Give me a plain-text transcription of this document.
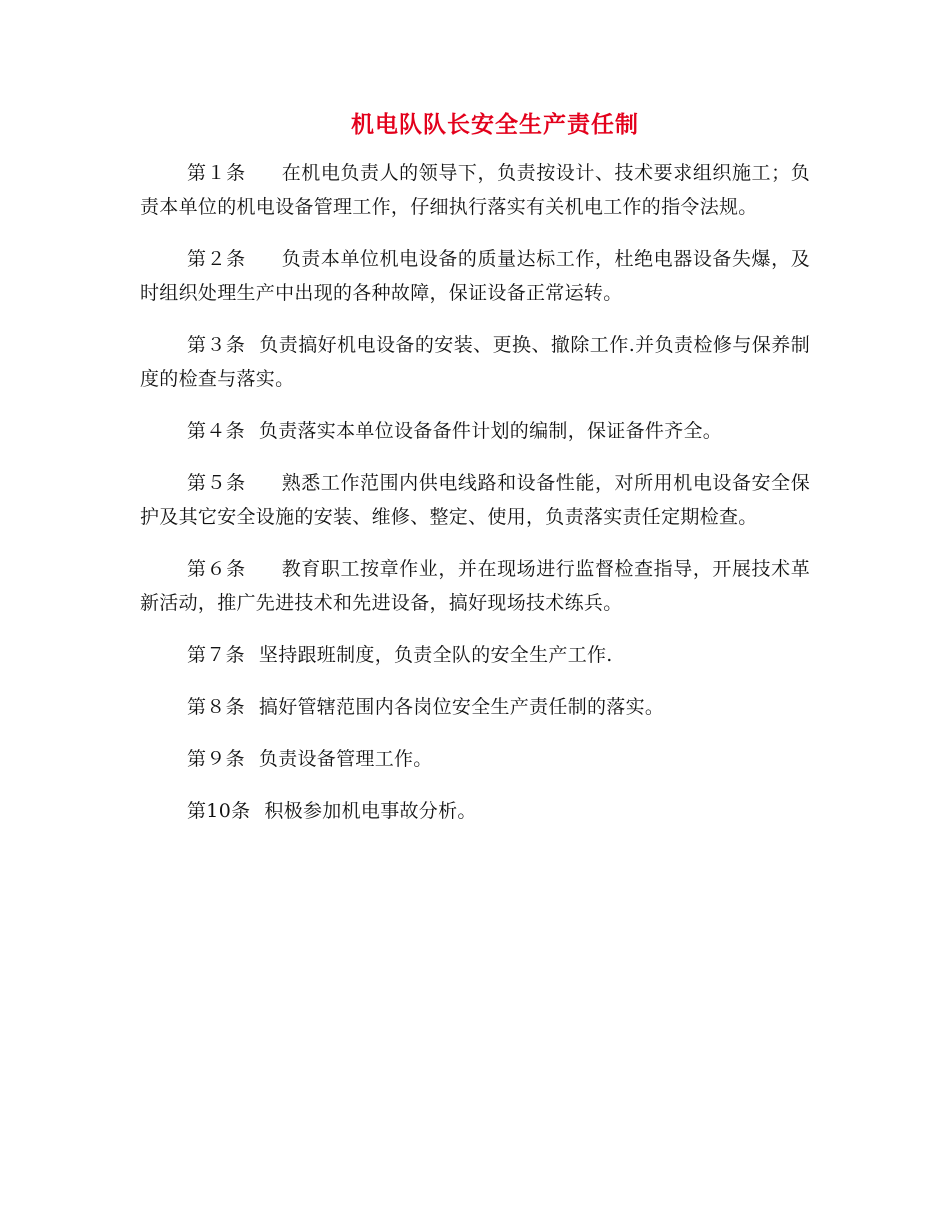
机电队队长安全生产责任制

第１条 在机电负责人的领导下，负责按设计、技术要求组织施工；负责本单位的机电设备管理工作，仔细执行落实有关机电工作的指令法规。

第２条 负责本单位机电设备的质量达标工作，杜绝电器设备失爆，及时组织处理生产中出现的各种故障，保证设备正常运转。

第３条 负责搞好机电设备的安装、更换、撤除工作.并负责检修与保养制度的检查与落实。

第４条 负责落实本单位设备备件计划的编制，保证备件齐全。

第５条 熟悉工作范围内供电线路和设备性能，对所用机电设备安全保护及其它安全设施的安装、维修、整定、使用，负责落实责任定期检查。

第６条 教育职工按章作业，并在现场进行监督检查指导，开展技术革新活动，推广先进技术和先进设备，搞好现场技术练兵。

第７条 坚持跟班制度，负责全队的安全生产工作.

第８条 搞好管辖范围内各岗位安全生产责任制的落实。

第９条 负责设备管理工作。

第10条 积极参加机电事故分析。
